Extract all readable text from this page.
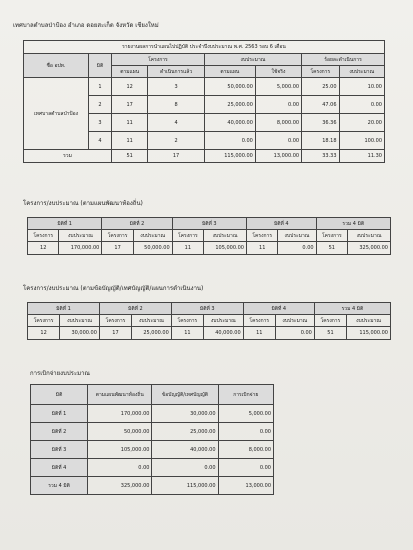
เทศบาลตำบลป่าป้อง อำเภอ ดอยสะเก็ด จังหวัด เชียงใหม่
รายงานผลการนำแผนไปปฏิบัติ ประจำปีงบประมาณ พ.ศ. 2563 รอบ 6 เดือน							
ชื่อ อปท.	มิติ	โครงการ		งบประมาณ		ร้อยละดำเนินการ	
		ตามแผน	ดำเนินการแล้ว	ตามแผน	ใช้จริง	โครงการ	งบประมาณ
เทศบาลตำบลป่าป้อง	1	12	3	50,000.00	5,000.00	25.00	10.00
	2	17	8	25,000.00	0.00	47.06	0.00
	3	11	4	40,000.00	8,000.00	36.36	20.00
	4	11	2	0.00	0.00	18.18	100.00
รวม		51	17	115,000.00	13,000.00	33.33	11.30
โครงการ/งบประมาณ (ตามแผนพัฒนาท้องถิ่น)
มิติที่ 1		มิติที่ 2		มิติที่ 3		มิติที่ 4		รวม 4 มิติ	
โครงการ	งบประมาณ	โครงการ	งบประมาณ	โครงการ	งบประมาณ	โครงการ	งบประมาณ	โครงการ	งบประมาณ
12	170,000.00	17	50,000.00	11	105,000.00	11	0.00	51	325,000.00
โครงการ/งบประมาณ (ตามข้อบัญญัติ/เทศบัญญัติ/แผนการดำเนินงาน)
มิติที่ 1		มิติที่ 2		มิติที่ 3		มิติที่ 4		รวม 4 มิติ	
โครงการ	งบประมาณ	โครงการ	งบประมาณ	โครงการ	งบประมาณ	โครงการ	งบประมาณ	โครงการ	งบประมาณ
12	30,000.00	17	25,000.00	11	40,000.00	11	0.00	51	115,000.00
การเบิกจ่ายงบประมาณ
มิติ	ตามแผนพัฒนาท้องถิ่น	ข้อบัญญัติ/เทศบัญญัติ	การเบิกจ่าย
มิติที่ 1	170,000.00	30,000.00	5,000.00
มิติที่ 2	50,000.00	25,000.00	0.00
มิติที่ 3	105,000.00	40,000.00	8,000.00
มิติที่ 4	0.00	0.00	0.00
รวม 4 มิติ	325,000.00	115,000.00	13,000.00
